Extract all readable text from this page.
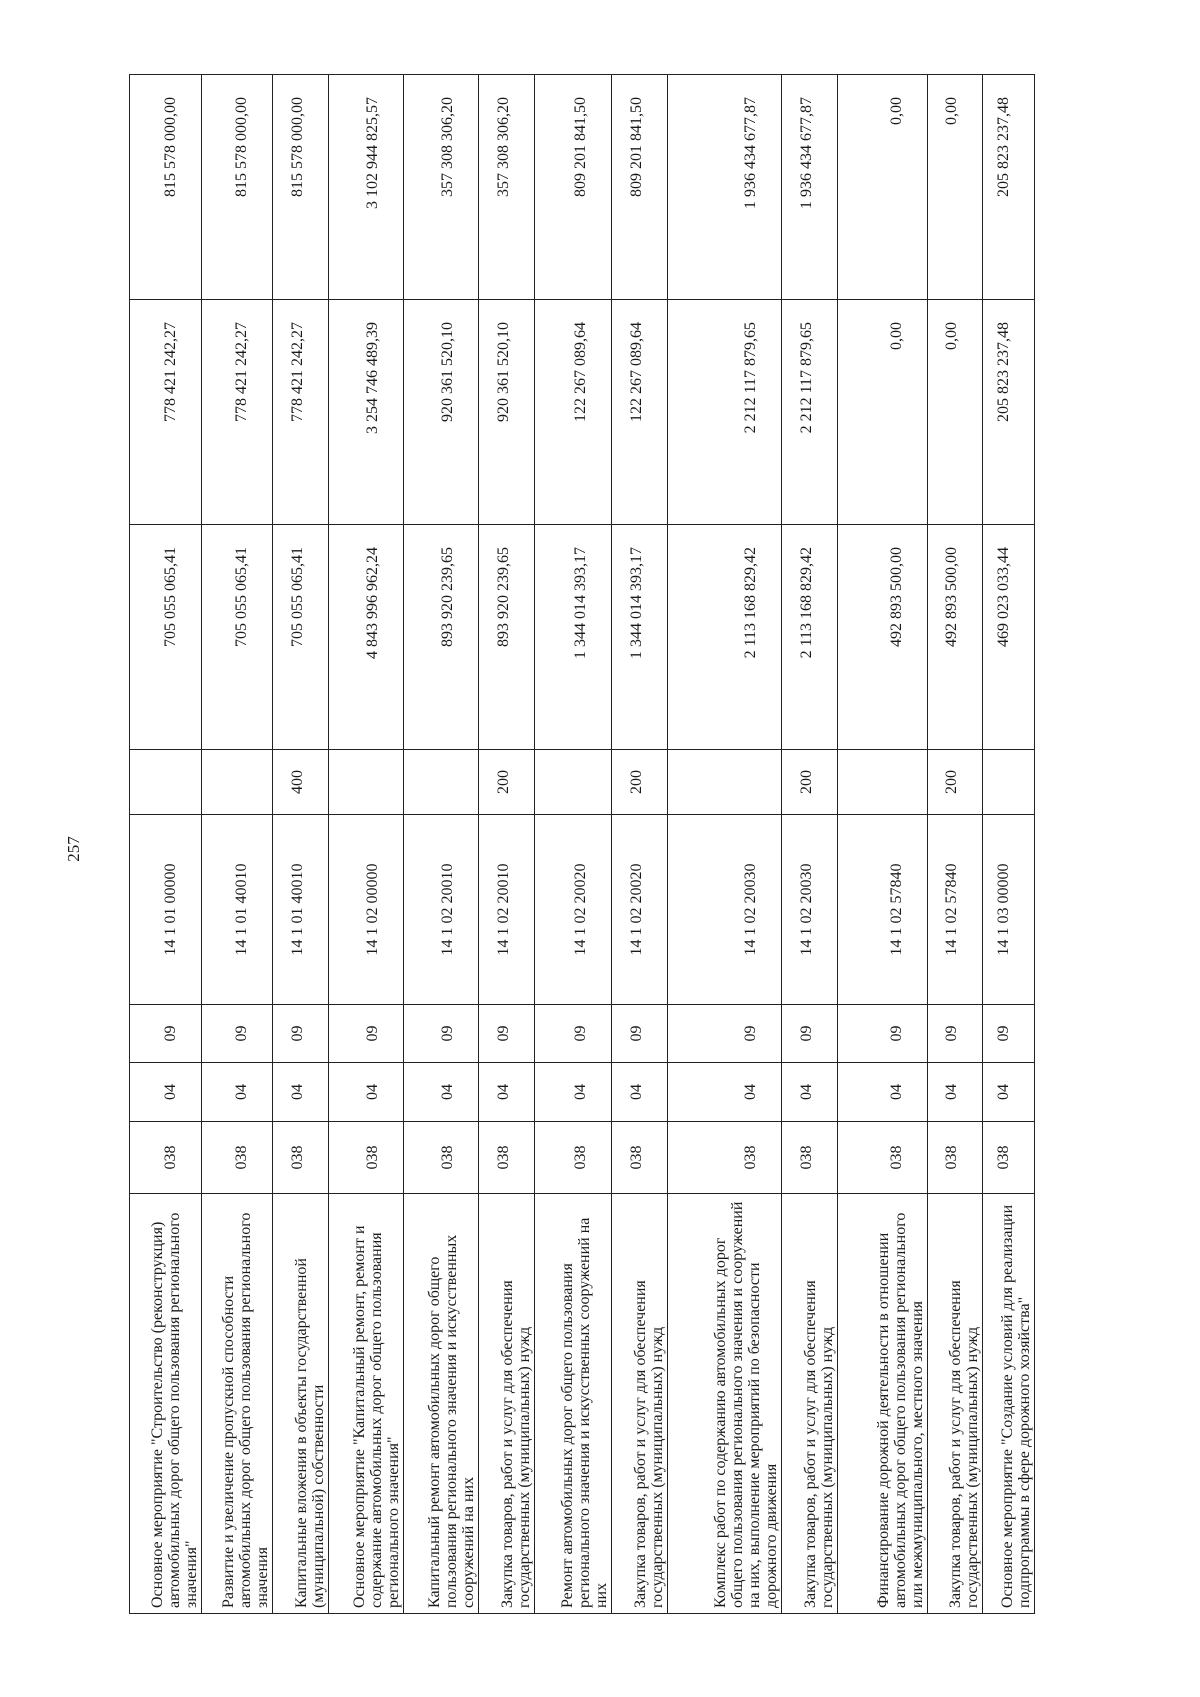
257
Основное мероприятие "Строительство (реконструкция) автомобильных дорог общего пользования регионального значения"	038	04	09	14 1 01 00000		705 055 065,41	778 421 242,27	815 578 000,00

Развитие и увеличение пропускной способности автомобильных дорог общего пользования регионального значения	038	04	09	14 1 01 40010		705 055 065,41	778 421 242,27	815 578 000,00

Капитальные вложения в объекты государственной (муниципальной) собственности	038	04	09	14 1 01 40010	400	705 055 065,41	778 421 242,27	815 578 000,00

Основное мероприятие "Капитальный ремонт, ремонт и содержание автомобильных дорог общего пользования регионального значения"	038	04	09	14 1 02 00000		4 843 996 962,24	3 254 746 489,39	3 102 944 825,57

Капитальный ремонт автомобильных дорог общего пользования регионального значения и искусственных сооружений на них	038	04	09	14 1 02 20010		893 920 239,65	920 361 520,10	357 308 306,20

Закупка товаров, работ и услуг для обеспечения государственных (муниципальных) нужд	038	04	09	14 1 02 20010	200	893 920 239,65	920 361 520,10	357 308 306,20

Ремонт автомобильных дорог общего пользования регионального значения и искусственных сооружений на них	038	04	09	14 1 02 20020		1 344 014 393,17	122 267 089,64	809 201 841,50

Закупка товаров, работ и услуг для обеспечения государственных (муниципальных) нужд	038	04	09	14 1 02 20020	200	1 344 014 393,17	122 267 089,64	809 201 841,50

Комплекс работ по содержанию автомобильных дорог общего пользования регионального значения и сооружений на них, выполнение мероприятий по безопасности дорожного движения	038	04	09	14 1 02 20030		2 113 168 829,42	2 212 117 879,65	1 936 434 677,87

Закупка товаров, работ и услуг для обеспечения государственных (муниципальных) нужд	038	04	09	14 1 02 20030	200	2 113 168 829,42	2 212 117 879,65	1 936 434 677,87

Финансирование дорожной деятельности в отношении автомобильных дорог общего пользования регионального или межмуниципального, местного значения	038	04	09	14 1 02 57840		492 893 500,00	0,00	0,00

Закупка товаров, работ и услуг для обеспечения государственных (муниципальных) нужд	038	04	09	14 1 02 57840	200	492 893 500,00	0,00	0,00

Основное мероприятие "Создание условий для реализации подпрограммы в сфере дорожного хозяйства"	038	04	09	14 1 03 00000		469 023 033,44	205 823 237,48	205 823 237,48
